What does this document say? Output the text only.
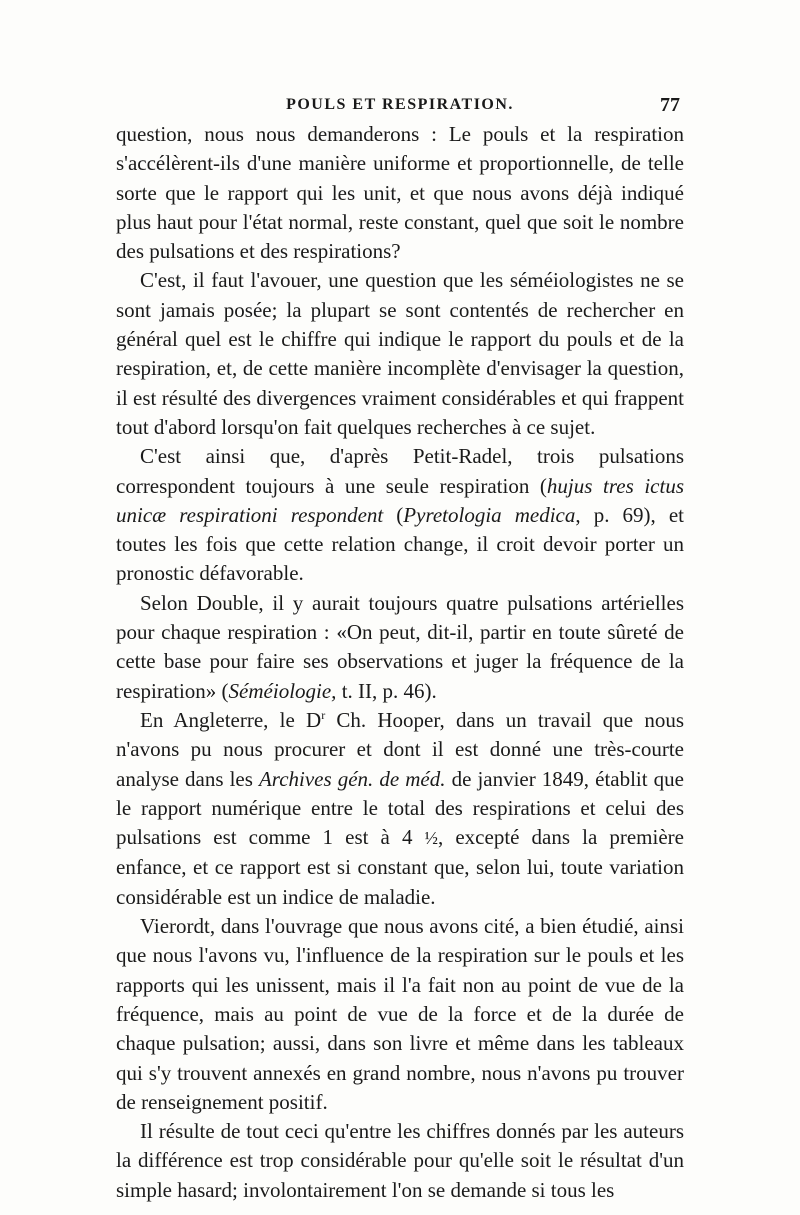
POULS ET RESPIRATION.	77

question, nous nous demanderons : Le pouls et la respiration s'accélèrent-ils d'une manière uniforme et proportionnelle, de telle sorte que le rapport qui les unit, et que nous avons déjà indiqué plus haut pour l'état normal, reste constant, quel que soit le nombre des pulsations et des respirations?

C'est, il faut l'avouer, une question que les séméiologistes ne se sont jamais posée; la plupart se sont contentés de rechercher en général quel est le chiffre qui indique le rapport du pouls et de la respiration, et, de cette manière incomplète d'envisager la question, il est résulté des divergences vraiment considérables et qui frappent tout d'abord lorsqu'on fait quelques recherches à ce sujet.

C'est ainsi que, d'après Petit-Radel, trois pulsations correspondent toujours à une seule respiration (hujus tres ictus unicæ respirationi respondent (Pyretologia medica, p. 69), et toutes les fois que cette relation change, il croit devoir porter un pronostic défavorable.

Selon Double, il y aurait toujours quatre pulsations artérielles pour chaque respiration : «On peut, dit-il, partir en toute sûreté de cette base pour faire ses observations et juger la fréquence de la respiration» (Séméiologie, t. II, p. 46).

En Angleterre, le $D^r$ Ch. Hooper, dans un travail que nous n'avons pu nous procurer et dont il est donné une très-courte analyse dans les Archives gén. de méd. de janvier 1849, établit que le rapport numérique entre le total des respirations et celui des pulsations est comme 1 est à 4 ½, excepté dans la première enfance, et ce rapport est si constant que, selon lui, toute variation considérable est un indice de maladie.

Vierordt, dans l'ouvrage que nous avons cité, a bien étudié, ainsi que nous l'avons vu, l'influence de la respiration sur le pouls et les rapports qui les unissent, mais il l'a fait non au point de vue de la fréquence, mais au point de vue de la force et de la durée de chaque pulsation; aussi, dans son livre et même dans les tableaux qui s'y trouvent annexés en grand nombre, nous n'avons pu trouver de renseignement positif.

Il résulte de tout ceci qu'entre les chiffres donnés par les auteurs la différence est trop considérable pour qu'elle soit le résultat d'un simple hasard; involontairement l'on se demande si tous les
